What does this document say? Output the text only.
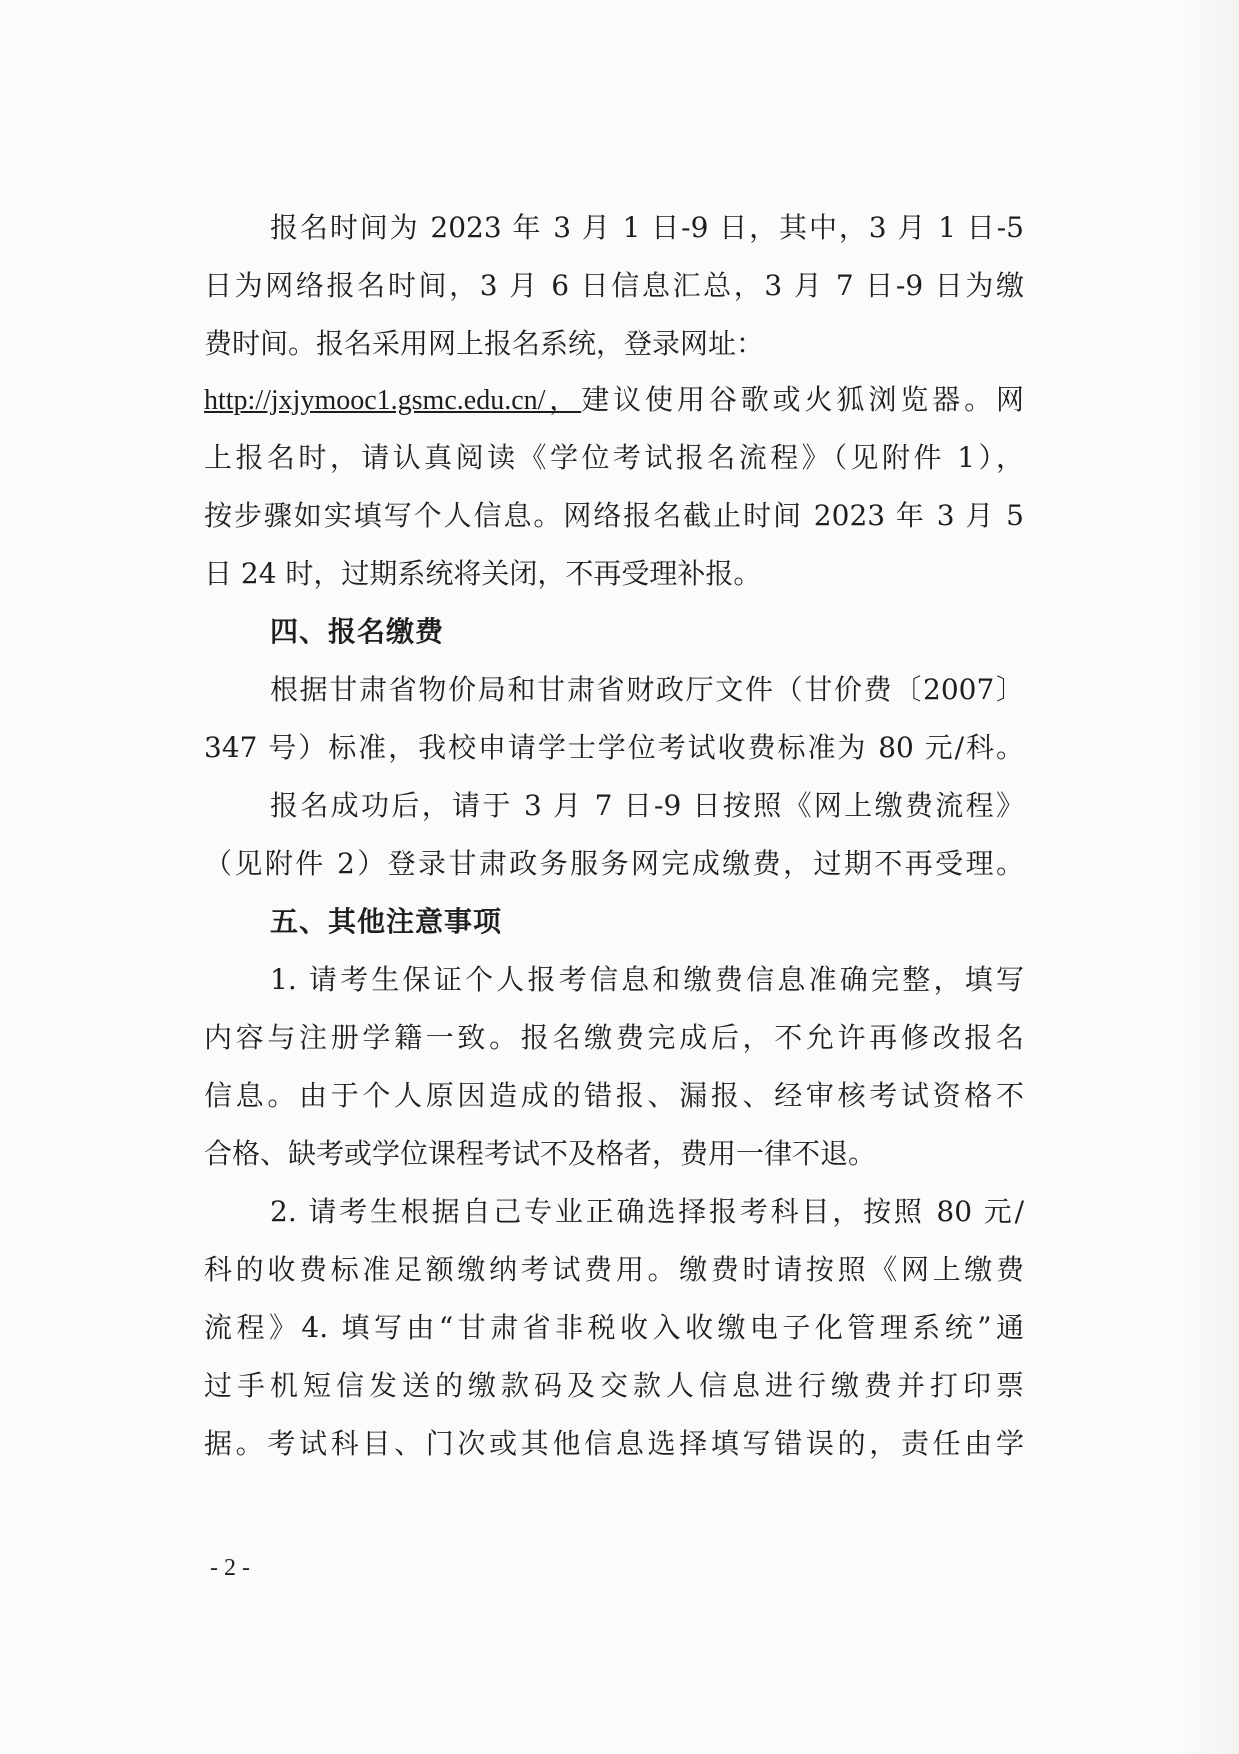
报名时间为 2023 年 3 月 1 日-9 日，其中，3 月 1 日-5
日为网络报名时间，3 月 6 日信息汇总，3 月 7 日-9 日为缴
费时间。报名采用网上报名系统，登录网址：
http://jxjymooc1.gsmc.edu.cn/，建议使用谷歌或火狐浏览器。网
上报名时，请认真阅读《学位考试报名流程》（见附件 1），
按步骤如实填写个人信息。网络报名截止时间 2023 年 3 月 5
日 24 时，过期系统将关闭，不再受理补报。
四、报名缴费
根据甘肃省物价局和甘肃省财政厅文件（甘价费〔2007〕
347 号）标准，我校申请学士学位考试收费标准为 80 元/科。
报名成功后，请于 3 月 7 日-9 日按照《网上缴费流程》
（见附件 2）登录甘肃政务服务网完成缴费，过期不再受理。
五、其他注意事项
1. 请考生保证个人报考信息和缴费信息准确完整，填写
内容与注册学籍一致。报名缴费完成后，不允许再修改报名
信息。由于个人原因造成的错报、漏报、经审核考试资格不
合格、缺考或学位课程考试不及格者，费用一律不退。
2. 请考生根据自己专业正确选择报考科目，按照 80 元/
科的收费标准足额缴纳考试费用。缴费时请按照《网上缴费
流程》4. 填写由“甘肃省非税收入收缴电子化管理系统”通
过手机短信发送的缴款码及交款人信息进行缴费并打印票
据。考试科目、门次或其他信息选择填写错误的，责任由学
- 2 -
